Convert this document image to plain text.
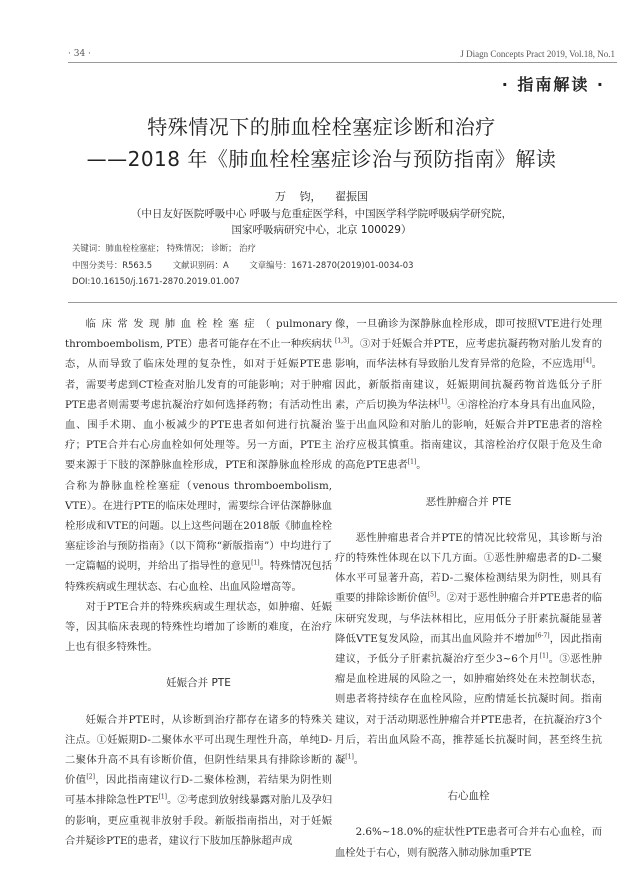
· 34 ·	J Diagn Concepts Pract 2019, Vol.18, No.1
· 指南解读 ·
特殊情况下的肺血栓栓塞症诊断和治疗
——2018 年《肺血栓栓塞症诊治与预防指南》解读
万 钧， 翟振国
（中日友好医院呼吸中心 呼吸与危重症医学科，中国医学科学院呼吸病学研究院，
国家呼吸病研究中心，北京 100029）
关键词：肺血栓栓塞症； 特殊情况； 诊断； 治疗
中图分类号：R563.5 文献识别码：A 文章编号：1671-2870(2019)01-0034-03
DOI:10.16150/j.1671-2870.2019.01.007

临床常发现肺血栓栓塞症（pulmonary thromboembolism, PTE）患者可能存在不止一种疾病状态，从而导致了临床处理的复杂性，如对于妊娠PTE患者，需要考虑到CT检查对胎儿发育的可能影响；对于肿瘤PTE患者则需要考虑抗凝治疗如何选择药物；有活动性出血、围手术期、血小板减少的PTE患者如何进行抗凝治疗；PTE合并右心房血栓如何处理等。另一方面，PTE主要来源于下肢的深静脉血栓形成，PTE和深静脉血栓形成合称为静脉血栓栓塞症（venous thromboembolism, VTE）。在进行PTE的临床处理时，需要综合评估深静脉血栓形成和VTE的问题。以上这些问题在2018版《肺血栓栓塞症诊治与预防指南》（以下简称“新版指南”）中均进行了一定篇幅的说明，并给出了指导性的意见[1]。特殊情况包括特殊疾病或生理状态、右心血栓、出血风险增高等。

对于PTE合并的特殊疾病或生理状态，如肿瘤、妊娠等，因其临床表现的特殊性均增加了诊断的难度，在治疗上也有很多特殊性。

妊娠合并 PTE

妊娠合并PTE时，从诊断到治疗都存在诸多的特殊关注点。①妊娠期D-二聚体水平可出现生理性升高，单纯D-二聚体升高不具有诊断价值，但阴性结果具有排除诊断的价值[2]，因此指南建议行D-二聚体检测，若结果为阴性则可基本排除急性PTE[1]。②考虑到放射线暴露对胎儿及孕妇的影响，更应重视非放射手段。新版指南指出，对于妊娠合并疑诊PTE的患者，建议行下肢加压静脉超声成

像，一旦确诊为深静脉血栓形成，即可按照VTE进行处理[1,3]。③对于妊娠合并PTE，应考虑抗凝药物对胎儿发育的影响，而华法林有导致胎儿发育异常的危险，不应选用[4]。因此，新版指南建议，妊娠期间抗凝药物首选低分子肝素，产后切换为华法林[1]。④溶栓治疗本身具有出血风险，鉴于出血风险和对胎儿的影响，妊娠合并PTE患者的溶栓治疗应极其慎重。指南建议，其溶栓治疗仅限于危及生命的高危PTE患者[1]。

恶性肿瘤合并 PTE

恶性肿瘤患者合并PTE的情况比较常见，其诊断与治疗的特殊性体现在以下几方面。①恶性肿瘤患者的D-二聚体水平可显著升高，若D-二聚体检测结果为阴性，则具有重要的排除诊断价值[5]。②对于恶性肿瘤合并PTE患者的临床研究发现，与华法林相比，应用低分子肝素抗凝能显著降低VTE复发风险，而其出血风险并不增加[6-7]，因此指南建议，予低分子肝素抗凝治疗至少3~6个月[1]。③恶性肿瘤是血栓进展的风险之一，如肿瘤始终处在未控制状态，则患者将持续存在血栓风险，应酌情延长抗凝时间。指南建议，对于活动期恶性肿瘤合并PTE患者，在抗凝治疗3个月后，若出血风险不高，推荐延长抗凝时间，甚至终生抗凝[1]。

右心血栓

2.6%~18.0%的症状性PTE患者可合并右心血栓，而血栓处于右心，则有脱落入肺动脉加重PTE
